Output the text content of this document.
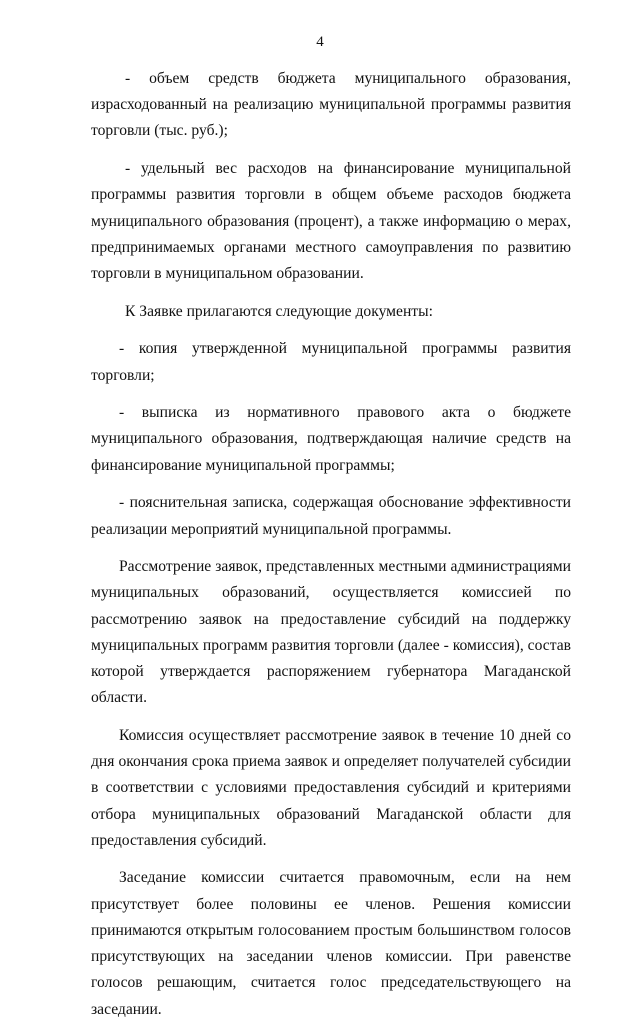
4

- объем средств бюджета муниципального образования, израсходованный на реализацию муниципальной программы развития торговли (тыс. руб.);

- удельный вес расходов на финансирование муниципальной программы развития торговли в общем объеме расходов бюджета муниципального образования (процент), а также информацию о мерах, предпринимаемых органами местного самоуправления по развитию торговли в муниципальном образовании.

К Заявке прилагаются следующие документы:

- копия утвержденной муниципальной программы развития торговли;

- выписка из нормативного правового акта о бюджете муниципального образования, подтверждающая наличие средств на финансирование муниципальной программы;

- пояснительная записка, содержащая обоснование эффективности реализации мероприятий муниципальной программы.

Рассмотрение заявок, представленных местными администрациями муниципальных образований, осуществляется комиссией по рассмотрению заявок на предоставление субсидий на поддержку муниципальных программ развития торговли (далее - комиссия), состав которой утверждается распоряжением губернатора Магаданской области.

Комиссия осуществляет рассмотрение заявок в течение 10 дней со дня окончания срока приема заявок и определяет получателей субсидии в соответствии с условиями предоставления субсидий и критериями отбора муниципальных образований Магаданской области для предоставления субсидий.

Заседание комиссии считается правомочным, если на нем присутствует более половины ее членов. Решения комиссии принимаются открытым голосованием простым большинством голосов присутствующих на заседании членов комиссии. При равенстве голосов решающим, считается голос председательствующего на заседании.
